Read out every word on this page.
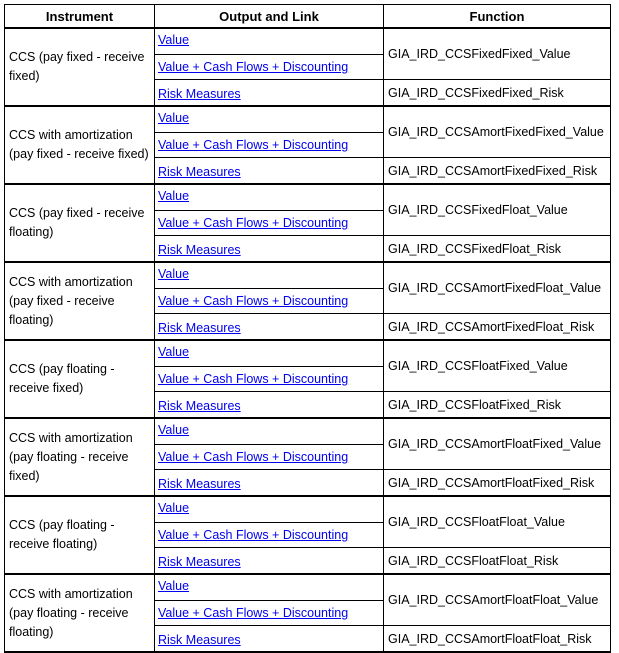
Instrument	Output and Link	Function
CCS (pay fixed - receive fixed)	Value	GIA_IRD_CCSFixedFixed_Value
	Value + Cash Flows + Discounting	
	Risk Measures	GIA_IRD_CCSFixedFixed_Risk
CCS with amortization (pay fixed - receive fixed)	Value	GIA_IRD_CCSAmortFixedFixed_Value
	Value + Cash Flows + Discounting	
	Risk Measures	GIA_IRD_CCSAmortFixedFixed_Risk
CCS (pay fixed - receive floating)	Value	GIA_IRD_CCSFixedFloat_Value
	Value + Cash Flows + Discounting	
	Risk Measures	GIA_IRD_CCSFixedFloat_Risk
CCS with amortization (pay fixed - receive floating)	Value	GIA_IRD_CCSAmortFixedFloat_Value
	Value + Cash Flows + Discounting	
	Risk Measures	GIA_IRD_CCSAmortFixedFloat_Risk
CCS (pay floating - receive fixed)	Value	GIA_IRD_CCSFloatFixed_Value
	Value + Cash Flows + Discounting	
	Risk Measures	GIA_IRD_CCSFloatFixed_Risk
CCS with amortization (pay floating - receive fixed)	Value	GIA_IRD_CCSAmortFloatFixed_Value
	Value + Cash Flows + Discounting	
	Risk Measures	GIA_IRD_CCSAmortFloatFixed_Risk
CCS (pay floating - receive floating)	Value	GIA_IRD_CCSFloatFloat_Value
	Value + Cash Flows + Discounting	
	Risk Measures	GIA_IRD_CCSFloatFloat_Risk
CCS with amortization (pay floating - receive floating)	Value	GIA_IRD_CCSAmortFloatFloat_Value
	Value + Cash Flows + Discounting	
	Risk Measures	GIA_IRD_CCSAmortFloatFloat_Risk
